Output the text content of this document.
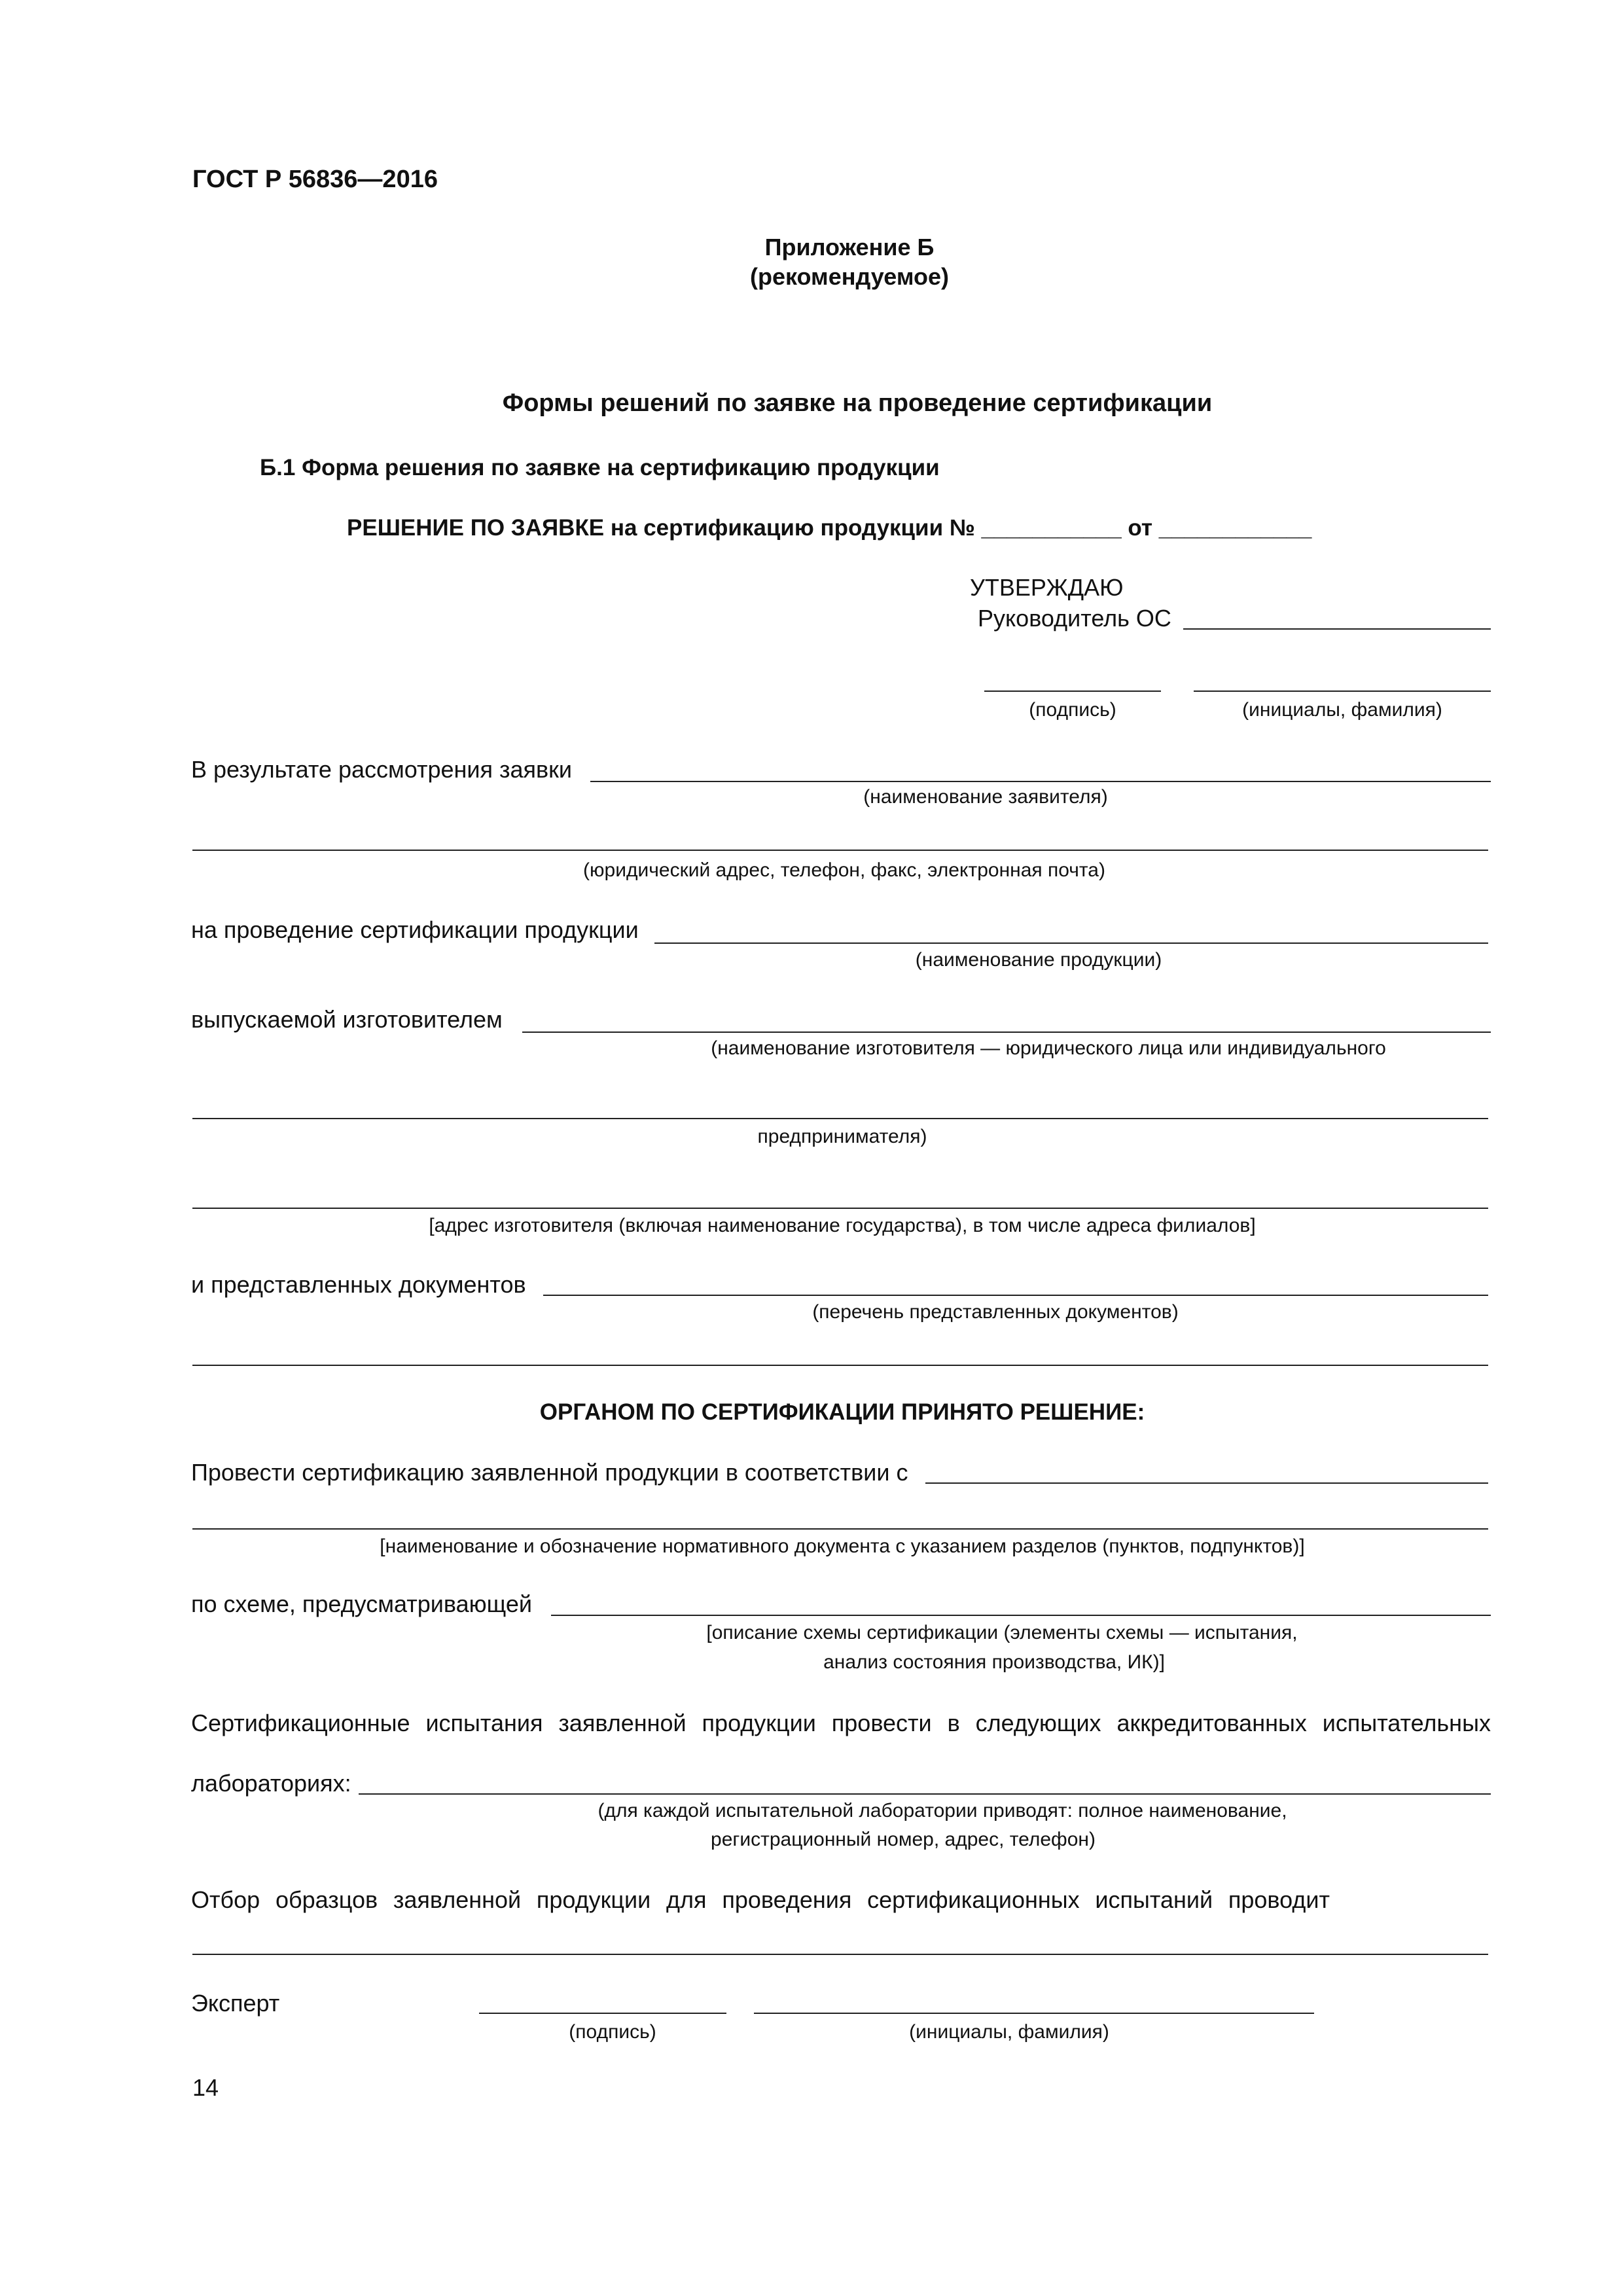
ГОСТ Р 56836—2016
Приложение Б
(рекомендуемое)
Формы решений по заявке на проведение сертификации
Б.1 Форма решения по заявке на сертификацию продукции
РЕШЕНИЕ ПО ЗАЯВКЕ на сертификацию продукции № ___________ от ____________
УТВЕРЖДАЮ
Руководитель ОС
(подпись)	(инициалы, фамилия)
В результате рассмотрения заявки
(наименование заявителя)
(юридический адрес, телефон, факс, электронная почта)
на проведение сертификации продукции
(наименование продукции)
выпускаемой изготовителем
(наименование изготовителя — юридического лица или индивидуального
предпринимателя)
[адрес изготовителя (включая наименование государства), в том числе адреса филиалов]
и представленных документов
(перечень представленных документов)
ОРГАНОМ ПО СЕРТИФИКАЦИИ ПРИНЯТО РЕШЕНИЕ:
Провести сертификацию заявленной продукции в соответствии с
[наименование и обозначение нормативного документа с указанием разделов (пунктов, подпунктов)]
по схеме, предусматривающей
[описание схемы сертификации (элементы схемы — испытания,
анализ состояния производства, ИК)]
Сертификационные испытания заявленной продукции провести в следующих аккредитованных испытательных
лабораториях:
(для каждой испытательной лаборатории приводят: полное наименование,
регистрационный номер, адрес, телефон)
Отбор образцов заявленной продукции для проведения сертификационных испытаний проводит
Эксперт
(подпись)	(инициалы, фамилия)
14
